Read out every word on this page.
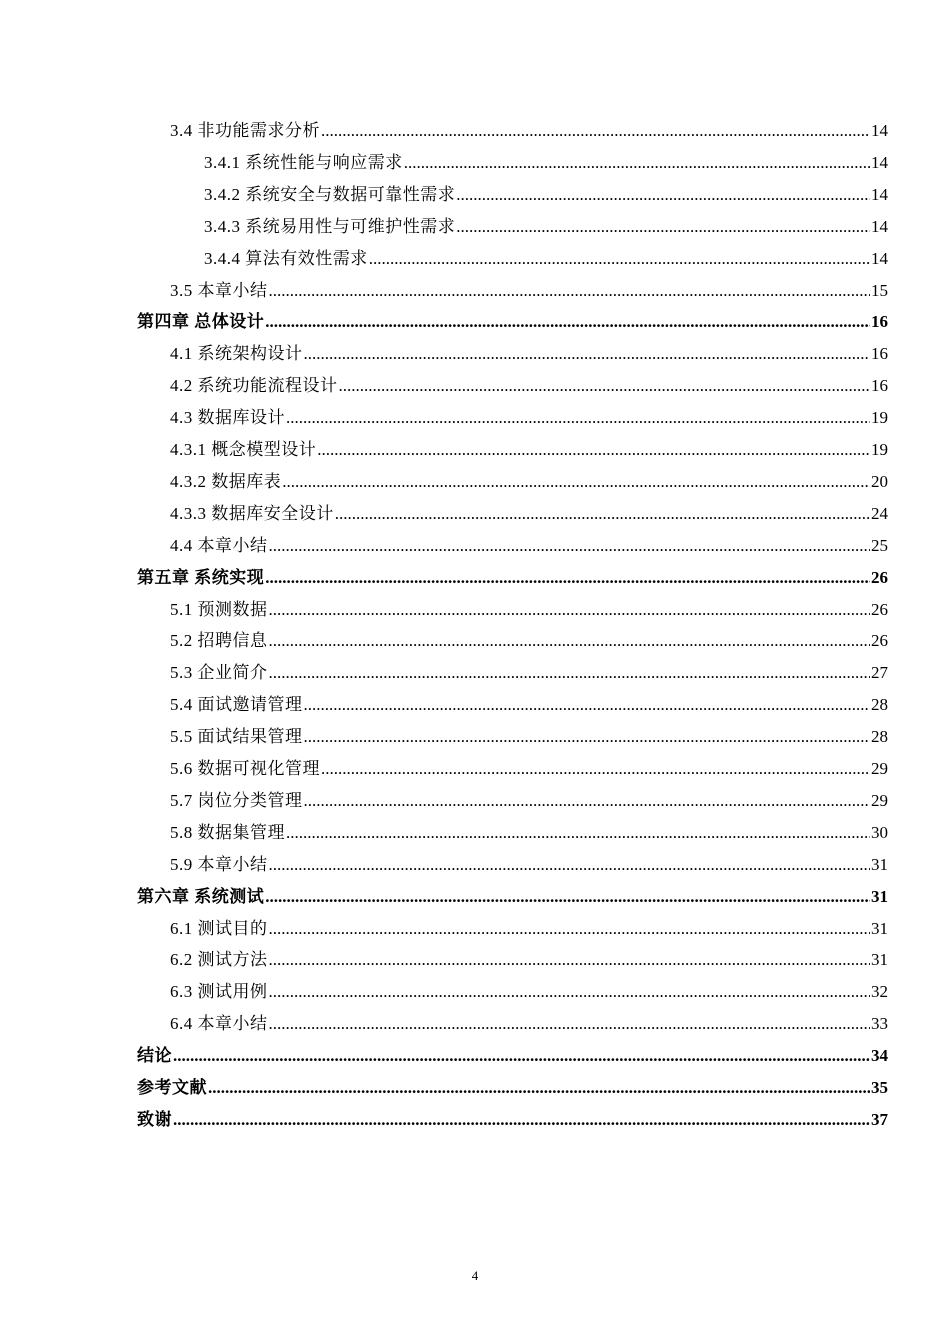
3.4 非功能需求分析 .....	14
3.4.1 系统性能与响应需求 .....	14
3.4.2 系统安全与数据可靠性需求 .....	14
3.4.3 系统易用性与可维护性需求 .....	14
3.4.4 算法有效性需求 .....	14
3.5 本章小结 .....	15
第四章 总体设计 .....	16
4.1 系统架构设计 .....	16
4.2 系统功能流程设计 .....	16
4.3 数据库设计 .....	19
4.3.1 概念模型设计 .....	19
4.3.2 数据库表 .....	20
4.3.3 数据库安全设计 .....	24
4.4 本章小结 .....	25
第五章 系统实现 .....	26
5.1 预测数据 .....	26
5.2 招聘信息 .....	26
5.3 企业简介 .....	27
5.4 面试邀请管理 .....	28
5.5 面试结果管理 .....	28
5.6 数据可视化管理 .....	29
5.7 岗位分类管理 .....	29
5.8 数据集管理 .....	30
5.9 本章小结 .....	31
第六章 系统测试 .....	31
6.1 测试目的 .....	31
6.2 测试方法 .....	31
6.3 测试用例 .....	32
6.4 本章小结 .....	33
结论 .....	34
参考文献 .....	35
致谢 .....	37
4
